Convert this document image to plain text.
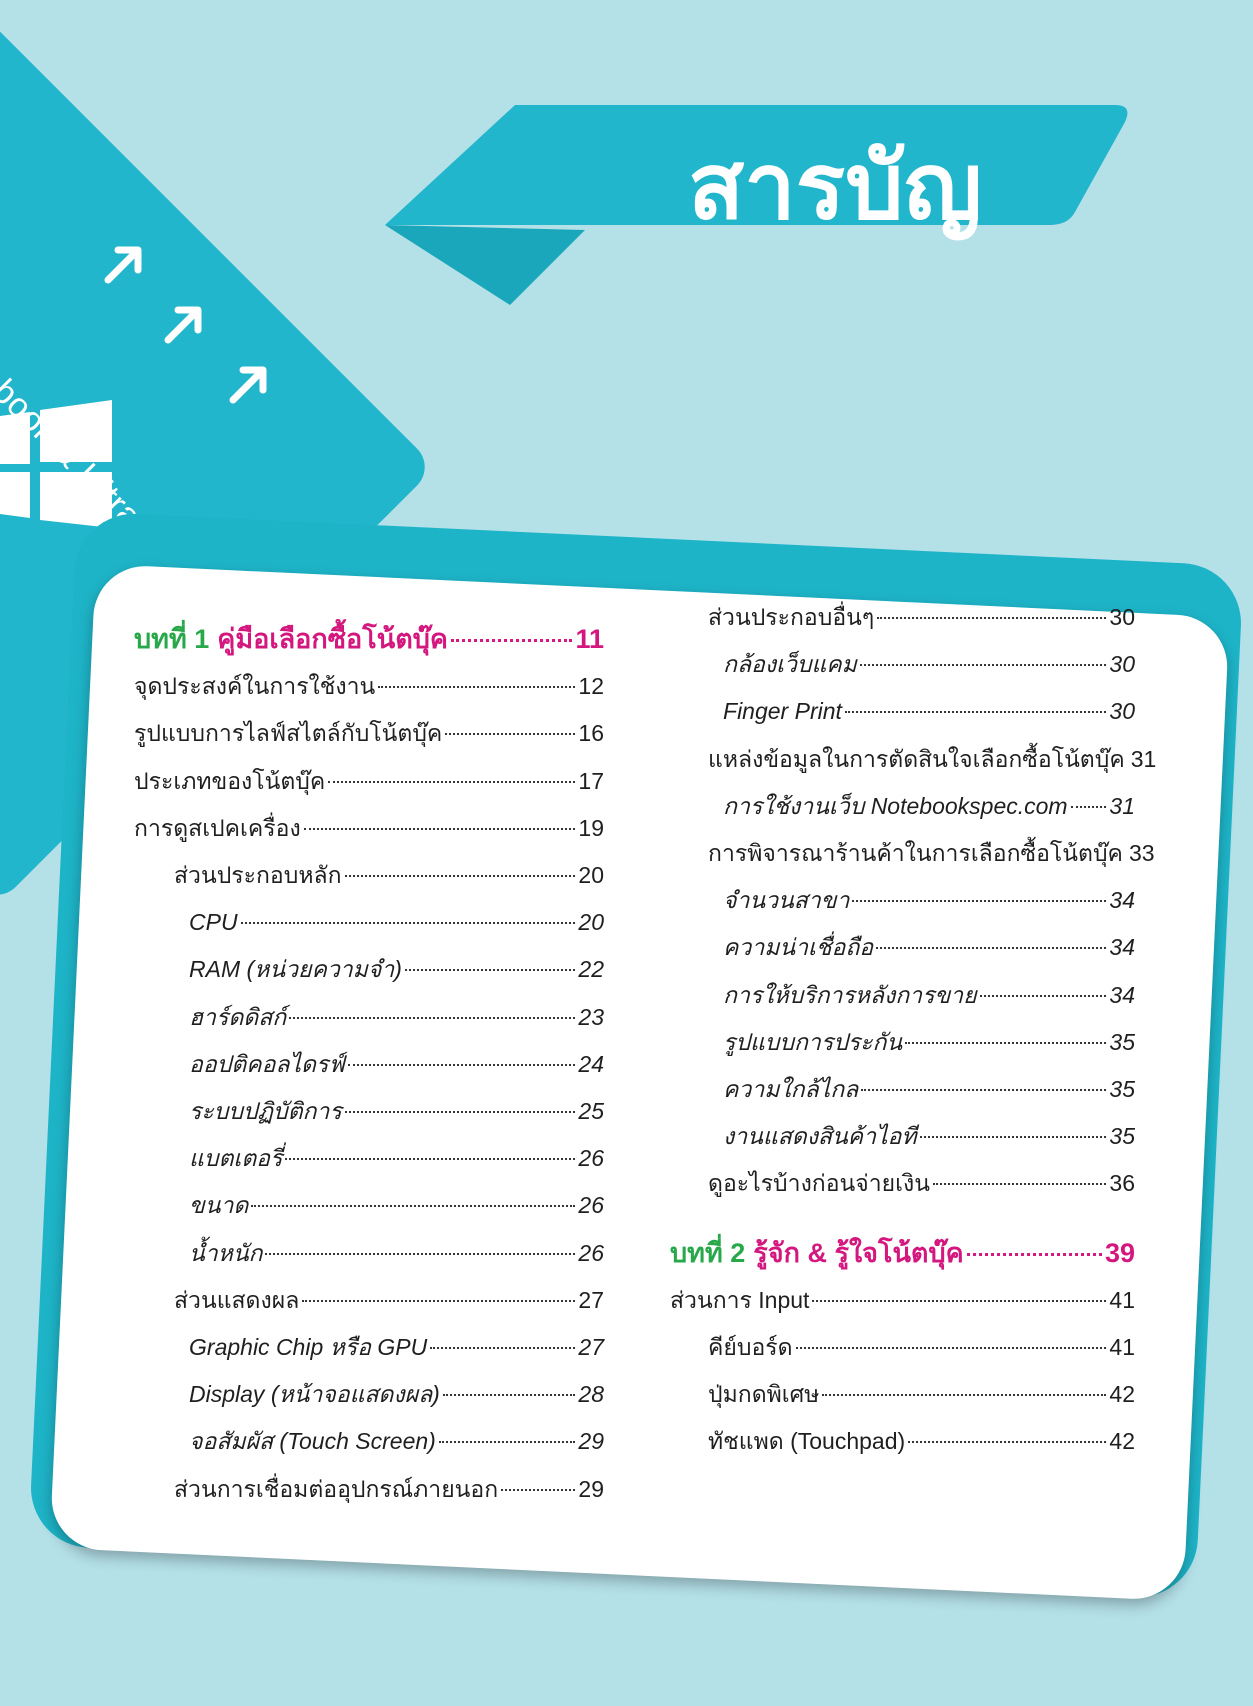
สารบัญ
บทที่ 1 คู่มือเลือกซื้อโน้ตบุ๊ค	11
จุดประสงค์ในการใช้งาน	12
รูปแบบการไลฟ์สไตล์กับโน้ตบุ๊ค	16
ประเภทของโน้ตบุ๊ค	17
การดูสเปคเครื่อง	19
ส่วนประกอบหลัก	20
CPU	20
RAM (หน่วยความจำ)	22
ฮาร์ดดิสก์	23
ออปติคอลไดรฟ์	24
ระบบปฏิบัติการ	25
แบตเตอรี่	26
ขนาด	26
น้ำหนัก	26
ส่วนแสดงผล	27
Graphic Chip หรือ GPU	27
Display (หน้าจอแสดงผล)	28
จอสัมผัส (Touch Screen)	29
ส่วนการเชื่อมต่ออุปกรณ์ภายนอก	29
ส่วนประกอบอื่นๆ	30
กล้องเว็บแคม	30
Finger Print	30
แหล่งข้อมูลในการตัดสินใจเลือกซื้อโน้ตบุ๊ค 31
การใช้งานเว็บ Notebookspec.com 31
การพิจารณาร้านค้าในการเลือกซื้อโน้ตบุ๊ค 33
จำนวนสาขา	34
ความน่าเชื่อถือ	34
การให้บริการหลังการขาย	34
รูปแบบการประกัน	35
ความใกล้ไกล	35
งานแสดงสินค้าไอที	35
ดูอะไรบ้างก่อนจ่ายเงิน	36
บทที่ 2 รู้จัก & รู้ใจโน้ตบุ๊ค	39
ส่วนการ Input	41
คีย์บอร์ด	41
ปุ่มกดพิเศษ	42
ทัชแพด (Touchpad)	42
